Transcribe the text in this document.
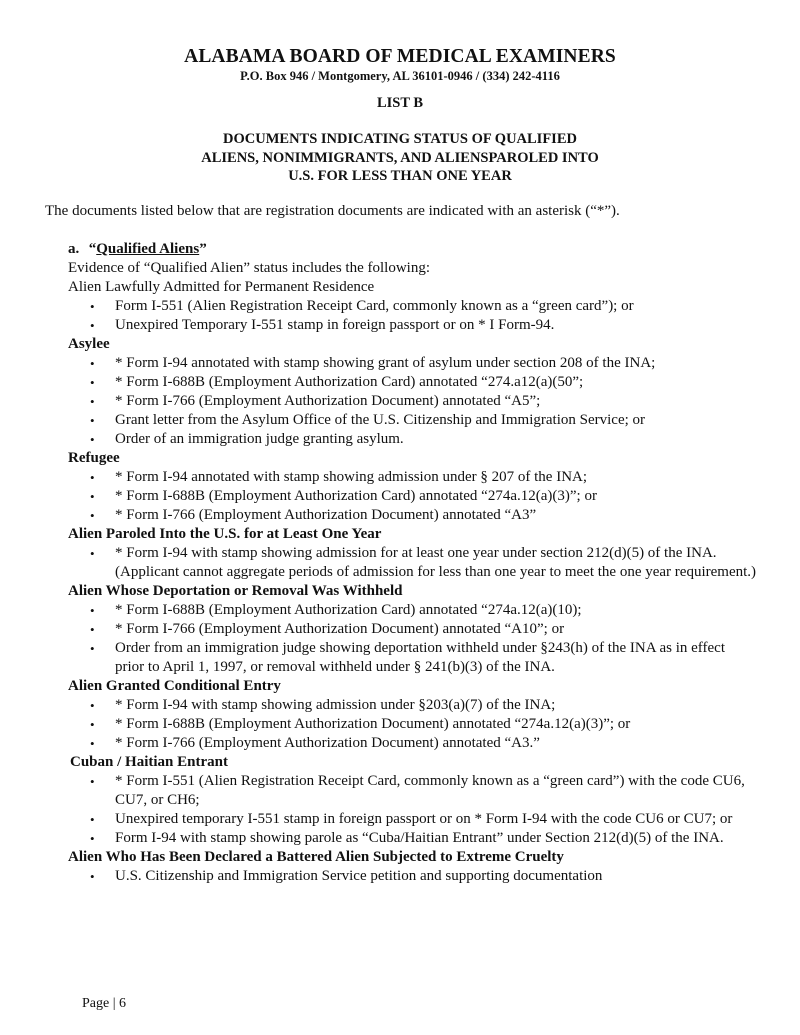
ALABAMA BOARD OF MEDICAL EXAMINERS
P.O. Box 946 / Montgomery, AL 36101-0946 / (334) 242-4116
LIST B
DOCUMENTS INDICATING STATUS OF QUALIFIED
ALIENS, NONIMMIGRANTS, AND ALIENSPAROLED INTO
U.S. FOR LESS THAN ONE YEAR
The documents listed below that are registration documents are indicated with an asterisk (“*”).
a. “Qualified Aliens”
Evidence of “Qualified Alien” status includes the following:
Alien Lawfully Admitted for Permanent Residence
• Form I-551 (Alien Registration Receipt Card, commonly known as a “green card”); or
• Unexpired Temporary I-551 stamp in foreign passport or on * I Form-94.
Asylee
• * Form I-94 annotated with stamp showing grant of asylum under section 208 of the INA;
• * Form I-688B (Employment Authorization Card) annotated “274.a12(a)(50”;
• * Form I-766 (Employment Authorization Document) annotated “A5”;
• Grant letter from the Asylum Office of the U.S. Citizenship and Immigration Service; or
• Order of an immigration judge granting asylum.
Refugee
• * Form I-94 annotated with stamp showing admission under § 207 of the INA;
• * Form I-688B (Employment Authorization Card) annotated “274a.12(a)(3)”; or
• * Form I-766 (Employment Authorization Document) annotated “A3”
Alien Paroled Into the U.S. for at Least One Year
• * Form I-94 with stamp showing admission for at least one year under section 212(d)(5) of the INA.
(Applicant cannot aggregate periods of admission for less than one year to meet the one year requirement.)
Alien Whose Deportation or Removal Was Withheld
• * Form I-688B (Employment Authorization Card) annotated “274a.12(a)(10);
• * Form I-766 (Employment Authorization Document) annotated “A10”; or
• Order from an immigration judge showing deportation withheld under §243(h) of the INA as in effect
prior to April 1, 1997, or removal withheld under § 241(b)(3) of the INA.
Alien Granted Conditional Entry
• * Form I-94 with stamp showing admission under §203(a)(7) of the INA;
• * Form I-688B (Employment Authorization Document) annotated “274a.12(a)(3)”; or
• * Form I-766 (Employment Authorization Document) annotated “A3.”
Cuban / Haitian Entrant
• * Form I-551 (Alien Registration Receipt Card, commonly known as a “green card”) with the code CU6,
CU7, or CH6;
• Unexpired temporary I-551 stamp in foreign passport or on * Form I-94 with the code CU6 or CU7; or
• Form I-94 with stamp showing parole as “Cuba/Haitian Entrant” under Section 212(d)(5) of the INA.
Alien Who Has Been Declared a Battered Alien Subjected to Extreme Cruelty
• U.S. Citizenship and Immigration Service petition and supporting documentation
Page | 6
